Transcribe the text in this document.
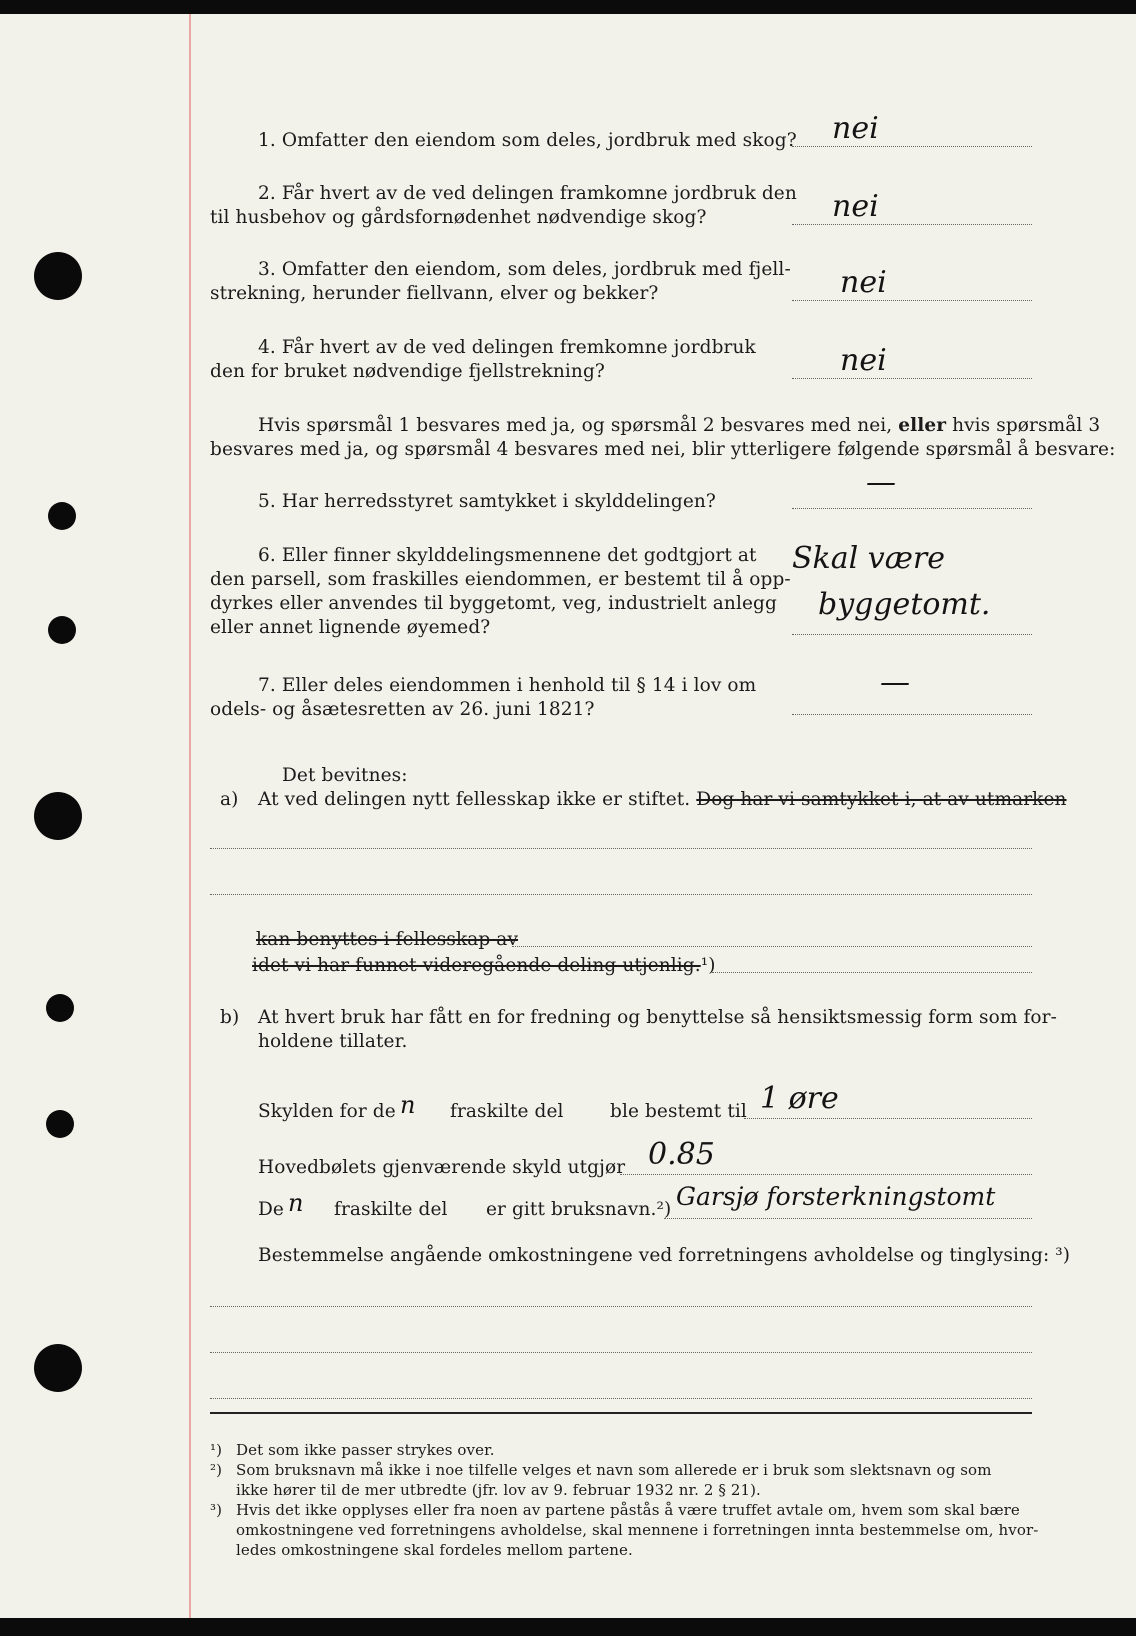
1. Omfatter den eiendom som deles, jordbruk med skog? nei
2. Får hvert av de ved delingen framkomne jordbruk den
til husbehov og gårdsfornødenhet nødvendige skog?	nei
3. Omfatter den eiendom, som deles, jordbruk med fjell-
strekning, herunder fiellvann, elver og bekker?	nei
4. Får hvert av de ved delingen fremkomne jordbruk
den for bruket nødvendige fjellstrekning?	nei
Hvis spørsmål 1 besvares med ja, og spørsmål 2 besvares med nei, eller hvis spørsmål 3
besvares med ja, og spørsmål 4 besvares med nei, blir ytterligere følgende spørsmål å besvare:
5. Har herredsstyret samtykket i skylddelingen?
—
6. Eller finner skylddelingsmennene det godtgjort at
den parsell, som fraskilles eiendommen, er bestemt til å opp-
dyrkes eller anvendes til byggetomt, veg, industrielt anlegg
eller annet lignende øyemed?
Skal være
byggetomt.
7. Eller deles eiendommen i henhold til § 14 i lov om
odels- og åsætesretten av 26. juni 1821?
—
Det bevitnes:
a) At ved delingen nytt fellesskap ikke er stiftet. Dog har vi samtykket i, at av utmarken
kan benyttes i fellesskap av
idet vi har funnet videregående deling utjenlig.¹)
b) At hvert bruk har fått en for fredning og benyttelse så hensiktsmessig form som for-
holdene tillater.
Skylden for de n fraskilte del	ble bestemt til 1 øre
Hovedbølets gjenværende skyld utgjør 0.85
De n fraskilte del er gitt bruksnavn.²) Garsjø forsterkningstomt
Bestemmelse angående omkostningene ved forretningens avholdelse og tinglysing: ³)
¹) Det som ikke passer strykes over.
²) Som bruksnavn må ikke i noe tilfelle velges et navn som allerede er i bruk som slektsnavn og som
ikke hører til de mer utbredte (jfr. lov av 9. februar 1932 nr. 2 § 21).
³) Hvis det ikke opplyses eller fra noen av partene påstås å være truffet avtale om, hvem som skal bære
omkostningene ved forretningens avholdelse, skal mennene i forretningen innta bestemmelse om, hvor-
ledes omkostningene skal fordeles mellom partene.
